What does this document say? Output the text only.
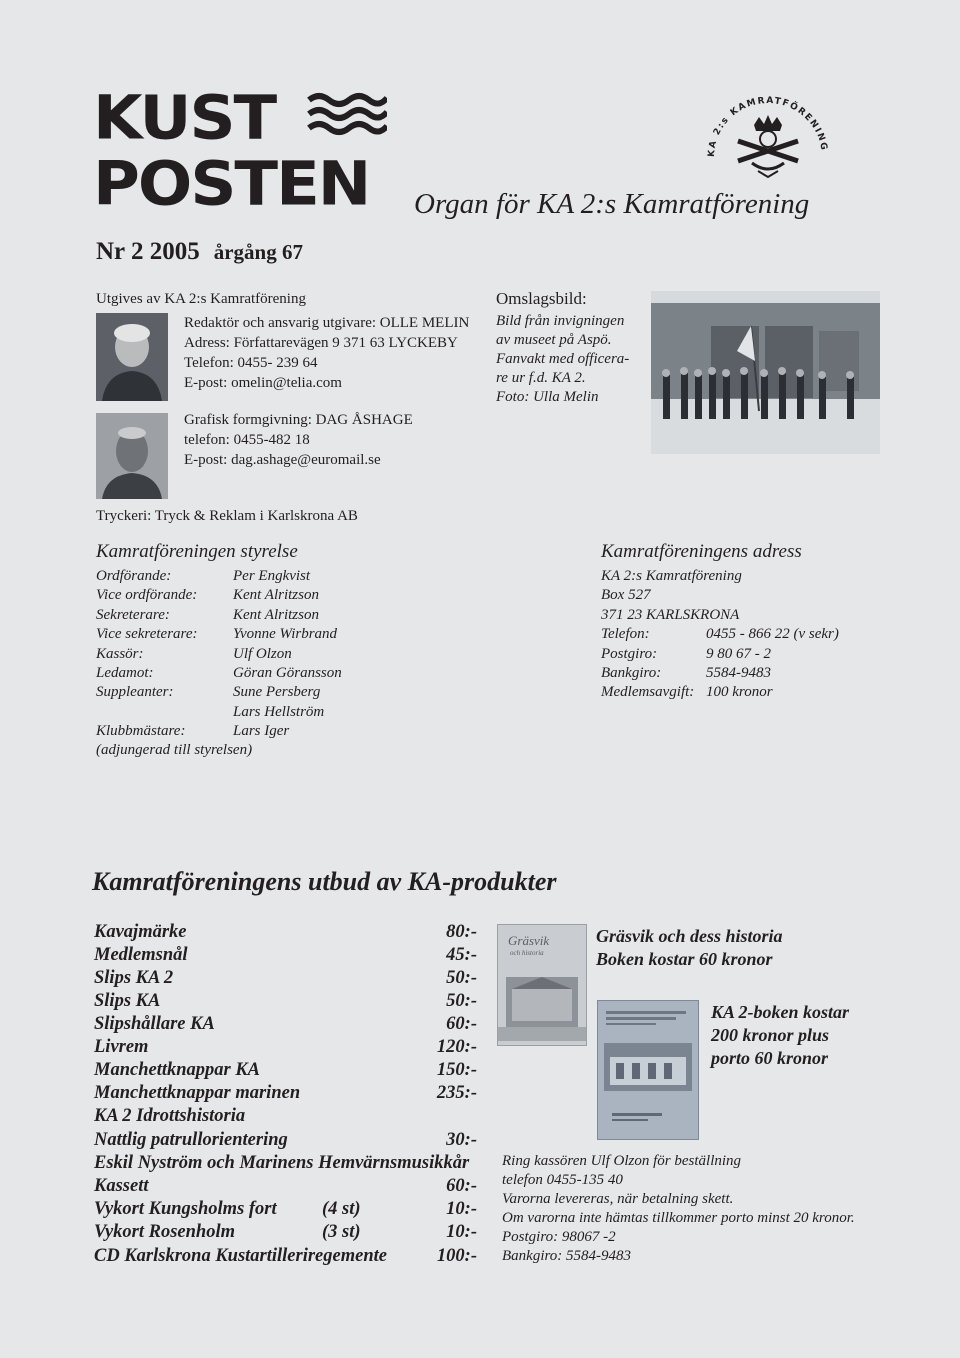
KUST
POSTEN Organ för KA 2:s Kamratförening
Nr 2 2005 årgång 67
KA 2:s KAMRATFÖRENING
Utgives av KA 2:s Kamratförening
Redaktör och ansvarig utgivare: OLLE MELIN
Adress: Författarevägen 9 371 63 LYCKEBY
Telefon: 0455- 239 64
E-post: omelin@telia.com
Grafisk formgivning: DAG ÅSHAGE
telefon: 0455-482 18
E-post: dag.ashage@euromail.se
Omslagsbild:
Bild från invigningen
av museet på Aspö.
Fanvakt med officera-
re ur f.d. KA 2.
Foto: Ulla Melin
Tryckeri: Tryck & Reklam i Karlskrona AB
Kamratföreningen styrelse
Ordförande:	Per Engkvist
Vice ordförande: Kent Alritzson
Sekreterare:	Kent Alritzson
Vice sekreterare: Yvonne Wirbrand
Kassör:	Ulf Olzon
Ledamot:	Göran Göransson
Suppleanter:	Sune Persberg
Lars Hellström
Klubbmästare:	Lars Iger
(adjungerad till styrelsen)
Kamratföreningens adress
KA 2:s Kamratförening
Box 527
371 23 KARLSKRONA
Telefon:	0455 - 866 22 (v sekr)
Postgiro:	9 80 67 - 2
Bankgiro:	5584-9483
Medlemsavgift: 100 kronor
Kamratföreningens utbud av KA-produkter
Kavajmärke	80:-
Medlemsnål	45:-
Slips KA 2	50:-
Slips KA	50:-
Slipshållare KA	60:-
Livrem	120:-
Manchettknappar KA	150:-
Manchettknappar marinen	235:-
KA 2 Idrottshistoria
Nattlig patrullorientering	30:-
Eskil Nyström och Marinens Hemvärnsmusikkår
Kassett	60:-
Vykort Kungsholms fort (4 st)	10:-
Vykort Rosenholm	(3 st)	10:-
CD Karlskrona Kustartilleriregemente	100:-
Gräsvik
och historia
Gräsvik och dess historia
Boken kostar 60 kronor
KA 2-boken kostar
200 kronor plus
porto 60 kronor
Ring kassören Ulf Olzon för beställning
telefon 0455-135 40
Varorna levereras, när betalning skett.
Om varorna inte hämtas tillkommer porto minst 20 kronor.
Postgiro: 98067 -2
Bankgiro: 5584-9483
